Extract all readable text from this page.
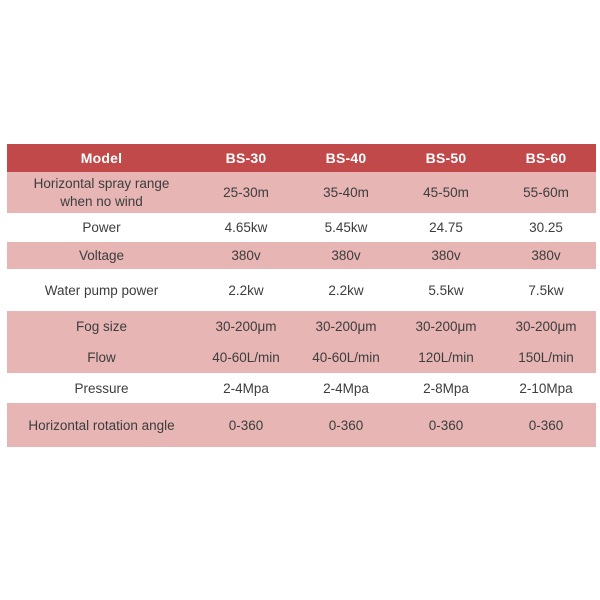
Model	BS-30	BS-40	BS-50	BS-60
Horizontal spray range
when no wind	25-30m	35-40m	45-50m	55-60m
Power	4.65kw	5.45kw	24.75	30.25
Voltage	380v	380v	380v	380v
Water pump power	2.2kw	2.2kw	5.5kw	7.5kw
Fog size	30-200μm	30-200μm	30-200μm	30-200μm
Flow	40-60L/min	40-60L/min	120L/min	150L/min
Pressure	2-4Mpa	2-4Mpa	2-8Mpa	2-10Mpa
Horizontal rotation angle	0-360	0-360	0-360	0-360
